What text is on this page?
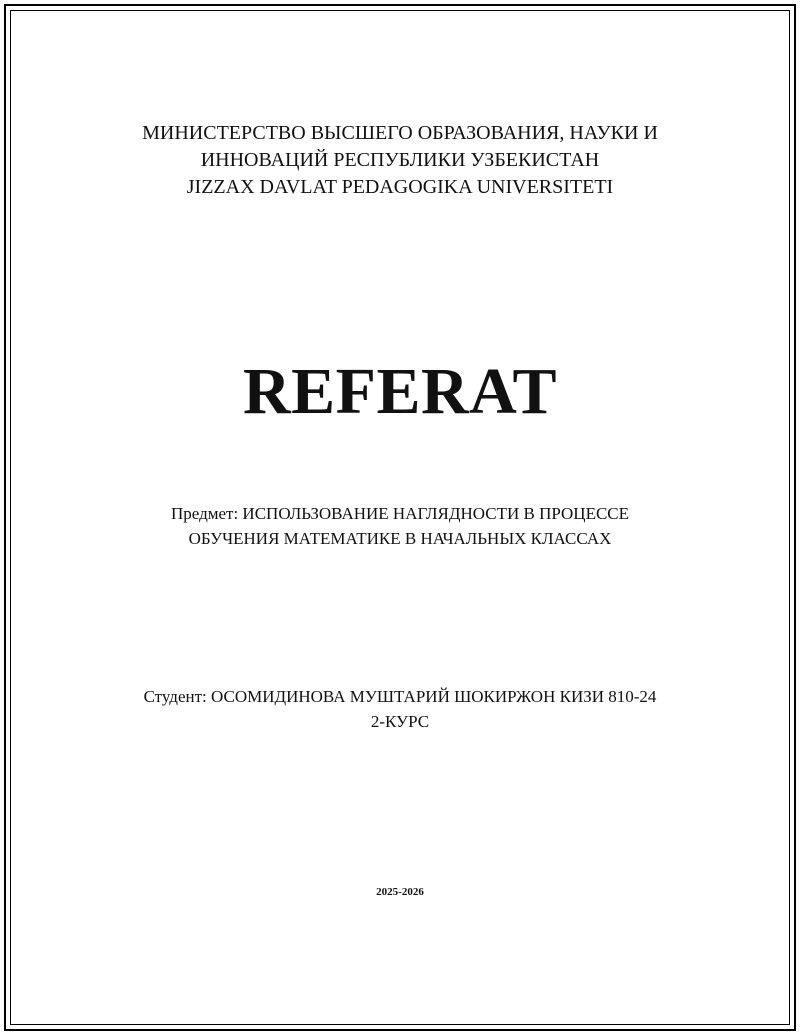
МИНИСТЕРСТВО ВЫСШЕГО ОБРАЗОВАНИЯ, НАУКИ И
ИННОВАЦИЙ РЕСПУБЛИКИ УЗБЕКИСТАН
JIZZAX DAVLAT PEDAGOGIKA UNIVERSITETI
REFERAT
Предмет: ИСПОЛЬЗОВАНИЕ НАГЛЯДНОСТИ В ПРОЦЕССЕ
ОБУЧЕНИЯ МАТЕМАТИКЕ В НАЧАЛЬНЫХ КЛАССАХ
Студент: ОСОМИДИНОВА МУШТАРИЙ ШОКИРЖОН КИЗИ 810-24
2-КУРС
2025-2026
